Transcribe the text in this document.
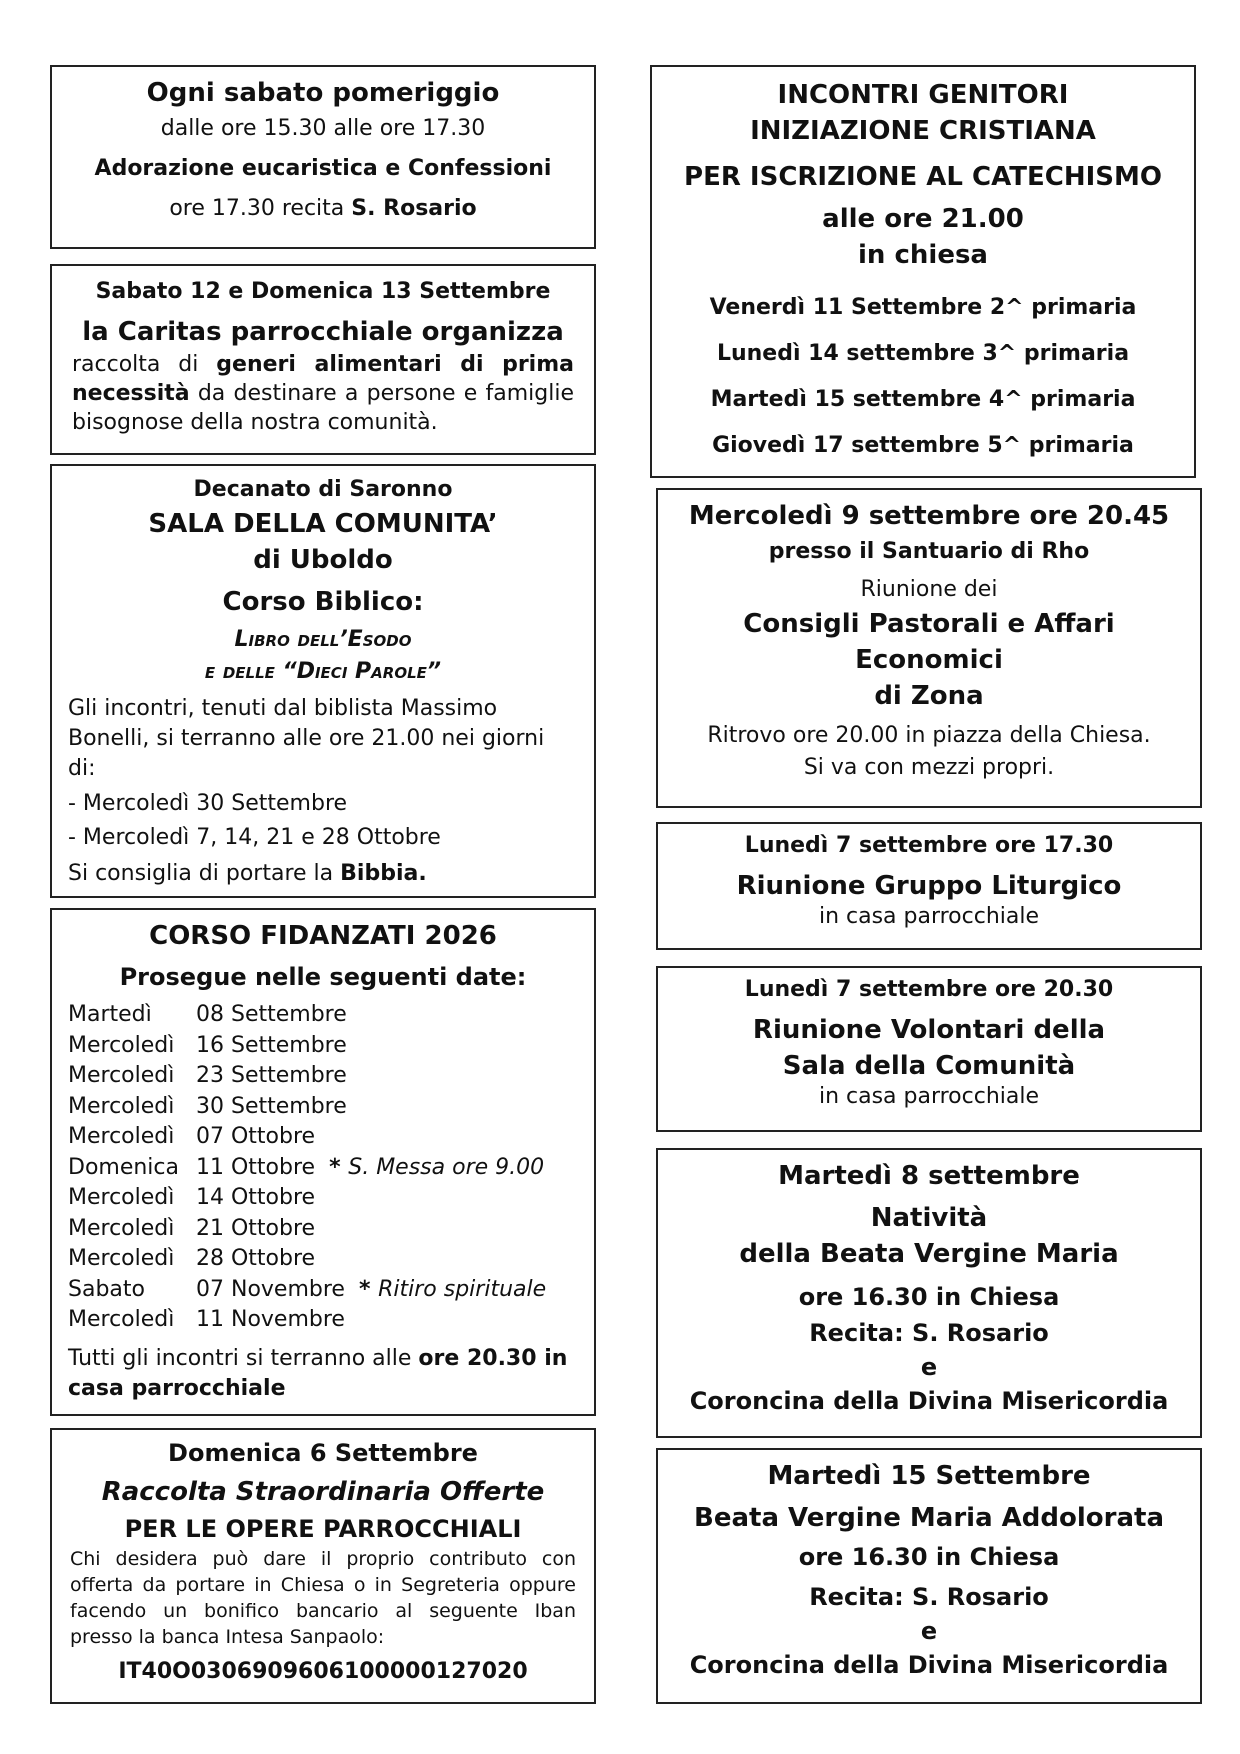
Ogni sabato pomeriggio
dalle ore 15.30 alle ore 17.30
Adorazione eucaristica e Confessioni
ore 17.30 recita S. Rosario
Sabato 12 e Domenica 13 Settembre
la Caritas parrocchiale organizza

raccolta di generi alimentari di prima necessità da destinare a persone e famiglie bisognose della nostra comunità.

Decanato di Saronno
SALA DELLA COMUNITA’
di Uboldo
Corso Biblico:
Libro dell’Esodo
e delle “Dieci Parole”

Gli incontri, tenuti dal biblista Massimo Bonelli, si terranno alle ore 21.00 nei giorni di:

- Mercoledì 30 Settembre
- Mercoledì 7, 14, 21 e 28 Ottobre
Si consiglia di portare la Bibbia.
CORSO FIDANZATI 2026
Prosegue nelle seguenti date:
Martedì	08 Settembre
Mercoledì 16 Settembre
Mercoledì 23 Settembre
Mercoledì 30 Settembre
Mercoledì 07 Ottobre
Domenica 11 Ottobre * S. Messa ore 9.00
Mercoledì 14 Ottobre
Mercoledì 21 Ottobre
Mercoledì 28 Ottobre
Sabato	07 Novembre * Ritiro spirituale
Mercoledì 11 Novembre

Tutti gli incontri si terranno alle ore 20.30 in casa parrocchiale

Domenica 6 Settembre
Raccolta Straordinaria Offerte
PER LE OPERE PARROCCHIALI

Chi desidera può dare il proprio contributo con offerta da portare in Chiesa o in Segreteria oppure facendo un bonifico bancario al seguente Iban presso la banca Intesa Sanpaolo:

IT40O0306909606100000127020
INCONTRI GENITORI
INIZIAZIONE CRISTIANA
PER ISCRIZIONE AL CATECHISMO
alle ore 21.00
in chiesa
Venerdì 11 Settembre 2^ primaria
Lunedì 14 settembre 3^ primaria
Martedì 15 settembre 4^ primaria
Giovedì 17 settembre 5^ primaria
Mercoledì 9 settembre ore 20.45
presso il Santuario di Rho
Riunione dei
Consigli Pastorali e Affari Economici
di Zona
Ritrovo ore 20.00 in piazza della Chiesa.
Si va con mezzi propri.
Lunedì 7 settembre ore 17.30
Riunione Gruppo Liturgico
in casa parrocchiale
Lunedì 7 settembre ore 20.30
Riunione Volontari della
Sala della Comunità
in casa parrocchiale
Martedì 8 settembre
Natività
della Beata Vergine Maria
ore 16.30 in Chiesa
Recita: S. Rosario
e
Coroncina della Divina Misericordia
Martedì 15 Settembre
Beata Vergine Maria Addolorata
ore 16.30 in Chiesa
Recita: S. Rosario
e
Coroncina della Divina Misericordia
